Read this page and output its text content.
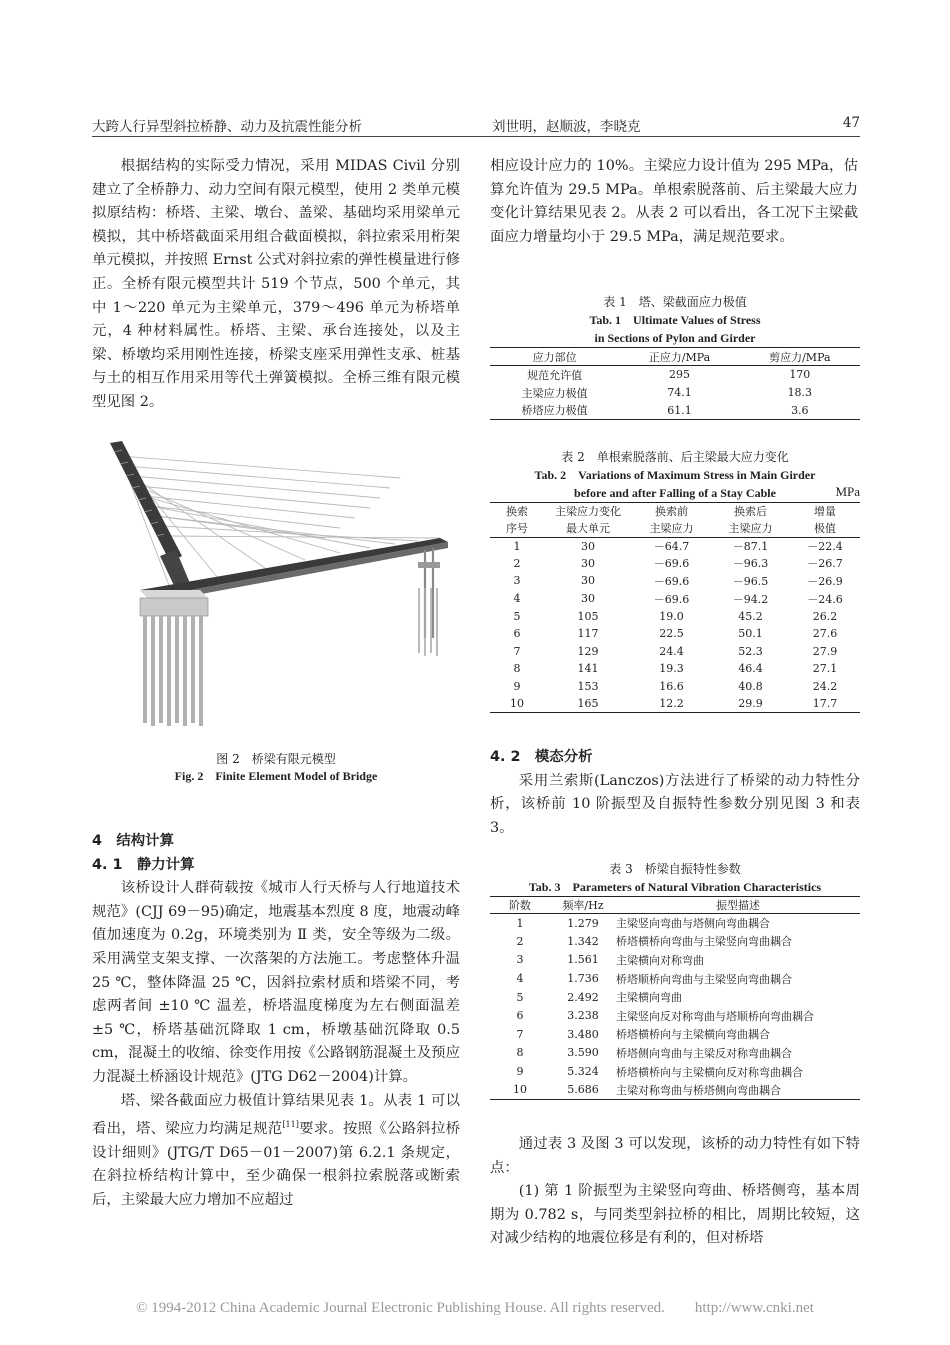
大跨人行异型斜拉桥静、动力及抗震性能分析	刘世明，赵顺波，李晓克	47

根据结构的实际受力情况，采用 MIDAS Civil 分别建立了全桥静力、动力空间有限元模型，使用 2 类单元模拟原结构：桥塔、主梁、墩台、盖梁、基础均采用梁单元模拟，其中桥塔截面采用组合截面模拟，斜拉索采用桁架单元模拟，并按照 Ernst 公式对斜拉索的弹性模量进行修正。全桥有限元模型共计 519 个节点，500 个单元，其中 1～220 单元为主梁单元，379～496 单元为桥塔单元，4 种材料属性。桥塔、主梁、承台连接处，以及主梁、桥墩均采用刚性连接，桥梁支座采用弹性支承、桩基与土的相互作用采用等代土弹簧模拟。全桥三维有限元模型见图 2。

图 2　桥梁有限元模型

Fig. 2　Finite Element Model of Bridge

4　结构计算

4. 1　静力计算

该桥设计人群荷载按《城市人行天桥与人行地道技术规范》(CJJ 69－95)确定，地震基本烈度 8 度，地震动峰值加速度为 0.2g，环境类别为 Ⅱ 类，安全等级为二级。采用满堂支架支撑、一次落架的方法施工。考虑整体升温 25 ℃，整体降温 25 ℃，因斜拉索材质和塔梁不同，考虑两者间 ±10 ℃ 温差，桥塔温度梯度为左右侧面温差 ±5 ℃，桥塔基础沉降取 1 cm，桥墩基础沉降取 0.5 cm，混凝土的收缩、徐变作用按《公路钢筋混凝土及预应力混凝土桥涵设计规范》(JTG D62－2004)计算。

塔、梁各截面应力极值计算结果见表 1。从表 1 可以看出，塔、梁应力均满足规范[11]要求。按照《公路斜拉桥设计细则》(JTG/T D65－01－2007)第 6.2.1 条规定，在斜拉桥结构计算中，至少确保一根斜拉索脱落或断索后，主梁最大应力增加不应超过

相应设计应力的 10%。主梁应力设计值为 295 MPa，估算允许值为 29.5 MPa。单根索脱落前、后主梁最大应力变化计算结果见表 2。从表 2 可以看出，各工况下主梁截面应力增量均小于 29.5 MPa，满足规范要求。

表 1　塔、梁截面应力极值

Tab. 1　Ultimate Values of Stress

in Sections of Pylon and Girder

应力部位	正应力/MPa	剪应力/MPa
规范允许值	295	170
主梁应力极值	74.1	18.3
桥塔应力极值	61.1	3.6

表 2　单根索脱落前、后主梁最大应力变化

Tab. 2　Variations of Maximum Stress in Main Girder

before and after Falling of a Stay Cable	MPa
换索	主梁应力变化	换索前	换索后	增量
序号	最大单元	主梁应力	主梁应力	极值
1	30	－64.7	－87.1	－22.4
2	30	－69.6	－96.3	－26.7
3	30	－69.6	－96.5	－26.9
4	30	－69.6	－94.2	－24.6
5	105	19.0	45.2	26.2
6	117	22.5	50.1	27.6
7	129	24.4	52.3	27.9
8	141	19.3	46.4	27.1
9	153	16.6	40.8	24.2
10	165	12.2	29.9	17.7

4. 2　模态分析

采用兰索斯(Lanczos)方法进行了桥梁的动力特性分析，该桥前 10 阶振型及自振特性参数分别见图 3 和表 3。

表 3　桥梁自振特性参数

Tab. 3　Parameters of Natural Vibration Characteristics

阶数	频率/Hz	振型描述
1	1.279	主梁竖向弯曲与塔侧向弯曲耦合
2	1.342	桥塔横桥向弯曲与主梁竖向弯曲耦合
3	1.561	主梁横向对称弯曲
4	1.736	桥塔顺桥向弯曲与主梁竖向弯曲耦合
5	2.492	主梁横向弯曲
6	3.238	主梁竖向反对称弯曲与塔顺桥向弯曲耦合
7	3.480	桥塔横桥向与主梁横向弯曲耦合
8	3.590	桥塔侧向弯曲与主梁反对称弯曲耦合
9	5.324	桥塔横桥向与主梁横向反对称弯曲耦合
10	5.686	主梁对称弯曲与桥塔侧向弯曲耦合

通过表 3 及图 3 可以发现，该桥的动力特性有如下特点：

(1) 第 1 阶振型为主梁竖向弯曲、桥塔侧弯，基本周期为 0.782 s，与同类型斜拉桥的相比，周期比较短，这对减少结构的地震位移是有利的，但对桥塔

© 1994-2012 China Academic Journal Electronic Publishing House. All rights reserved.　　http://www.cnki.net
